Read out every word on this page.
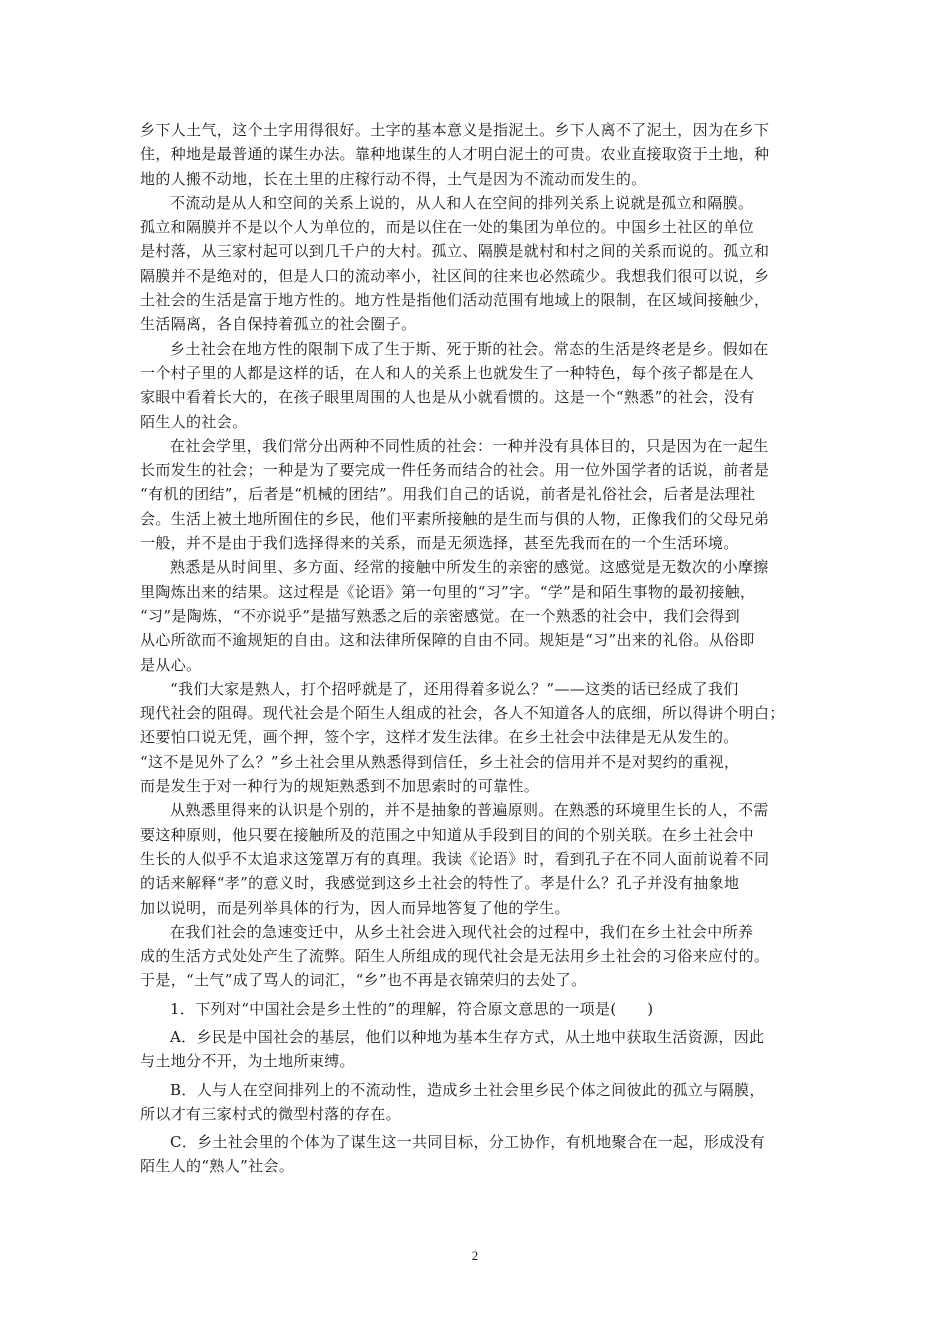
乡下人土气，这个土字用得很好。土字的基本意义是指泥土。乡下人离不了泥土，因为在乡下
住，种地是最普通的谋生办法。靠种地谋生的人才明白泥土的可贵。农业直接取资于土地，种
地的人搬不动地，长在土里的庄稼行动不得，土气是因为不流动而发生的。
不流动是从人和空间的关系上说的，从人和人在空间的排列关系上说就是孤立和隔膜。
孤立和隔膜并不是以个人为单位的，而是以住在一处的集团为单位的。中国乡土社区的单位
是村落，从三家村起可以到几千户的大村。孤立、隔膜是就村和村之间的关系而说的。孤立和
隔膜并不是绝对的，但是人口的流动率小，社区间的往来也必然疏少。我想我们很可以说，乡
土社会的生活是富于地方性的。地方性是指他们活动范围有地域上的限制，在区域间接触少，
生活隔离，各自保持着孤立的社会圈子。
乡土社会在地方性的限制下成了生于斯、死于斯的社会。常态的生活是终老是乡。假如在
一个村子里的人都是这样的话，在人和人的关系上也就发生了一种特色，每个孩子都是在人
家眼中看着长大的，在孩子眼里周围的人也是从小就看惯的。这是一个“熟悉”的社会，没有
陌生人的社会。
在社会学里，我们常分出两种不同性质的社会：一种并没有具体目的，只是因为在一起生
长而发生的社会；一种是为了要完成一件任务而结合的社会。用一位外国学者的话说，前者是
“有机的团结”，后者是“机械的团结”。用我们自己的话说，前者是礼俗社会，后者是法理社
会。生活上被土地所囿住的乡民，他们平素所接触的是生而与俱的人物，正像我们的父母兄弟
一般，并不是由于我们选择得来的关系，而是无须选择，甚至先我而在的一个生活环境。
熟悉是从时间里、多方面、经常的接触中所发生的亲密的感觉。这感觉是无数次的小摩擦
里陶炼出来的结果。这过程是《论语》第一句里的“习”字。“学”是和陌生事物的最初接触，
“习”是陶炼，“不亦说乎”是描写熟悉之后的亲密感觉。在一个熟悉的社会中，我们会得到
从心所欲而不逾规矩的自由。这和法律所保障的自由不同。规矩是“习”出来的礼俗。从俗即
是从心。
“我们大家是熟人，打个招呼就是了，还用得着多说么？”——这类的话已经成了我们
现代社会的阻碍。现代社会是个陌生人组成的社会，各人不知道各人的底细，所以得讲个明白；
还要怕口说无凭，画个押，签个字，这样才发生法律。在乡土社会中法律是无从发生的。
“这不是见外了么？”乡土社会里从熟悉得到信任，乡土社会的信用并不是对契约的重视，
而是发生于对一种行为的规矩熟悉到不加思索时的可靠性。
从熟悉里得来的认识是个别的，并不是抽象的普遍原则。在熟悉的环境里生长的人，不需
要这种原则，他只要在接触所及的范围之中知道从手段到目的间的个别关联。在乡土社会中
生长的人似乎不太追求这笼罩万有的真理。我读《论语》时，看到孔子在不同人面前说着不同
的话来解释“孝”的意义时，我感觉到这乡土社会的特性了。孝是什么？孔子并没有抽象地
加以说明，而是列举具体的行为，因人而异地答复了他的学生。
在我们社会的急速变迁中，从乡土社会进入现代社会的过程中，我们在乡土社会中所养
成的生活方式处处产生了流弊。陌生人所组成的现代社会是无法用乡土社会的习俗来应付的。
于是，“土气”成了骂人的词汇，“乡”也不再是衣锦荣归的去处了。
1．下列对“中国社会是乡土性的”的理解，符合原文意思的一项是(　　)
A．乡民是中国社会的基层，他们以种地为基本生存方式，从土地中获取生活资源，因此
与土地分不开，为土地所束缚。
B．人与人在空间排列上的不流动性，造成乡土社会里乡民个体之间彼此的孤立与隔膜，
所以才有三家村式的微型村落的存在。
C．乡土社会里的个体为了谋生这一共同目标，分工协作，有机地聚合在一起，形成没有
陌生人的“熟人”社会。
2
